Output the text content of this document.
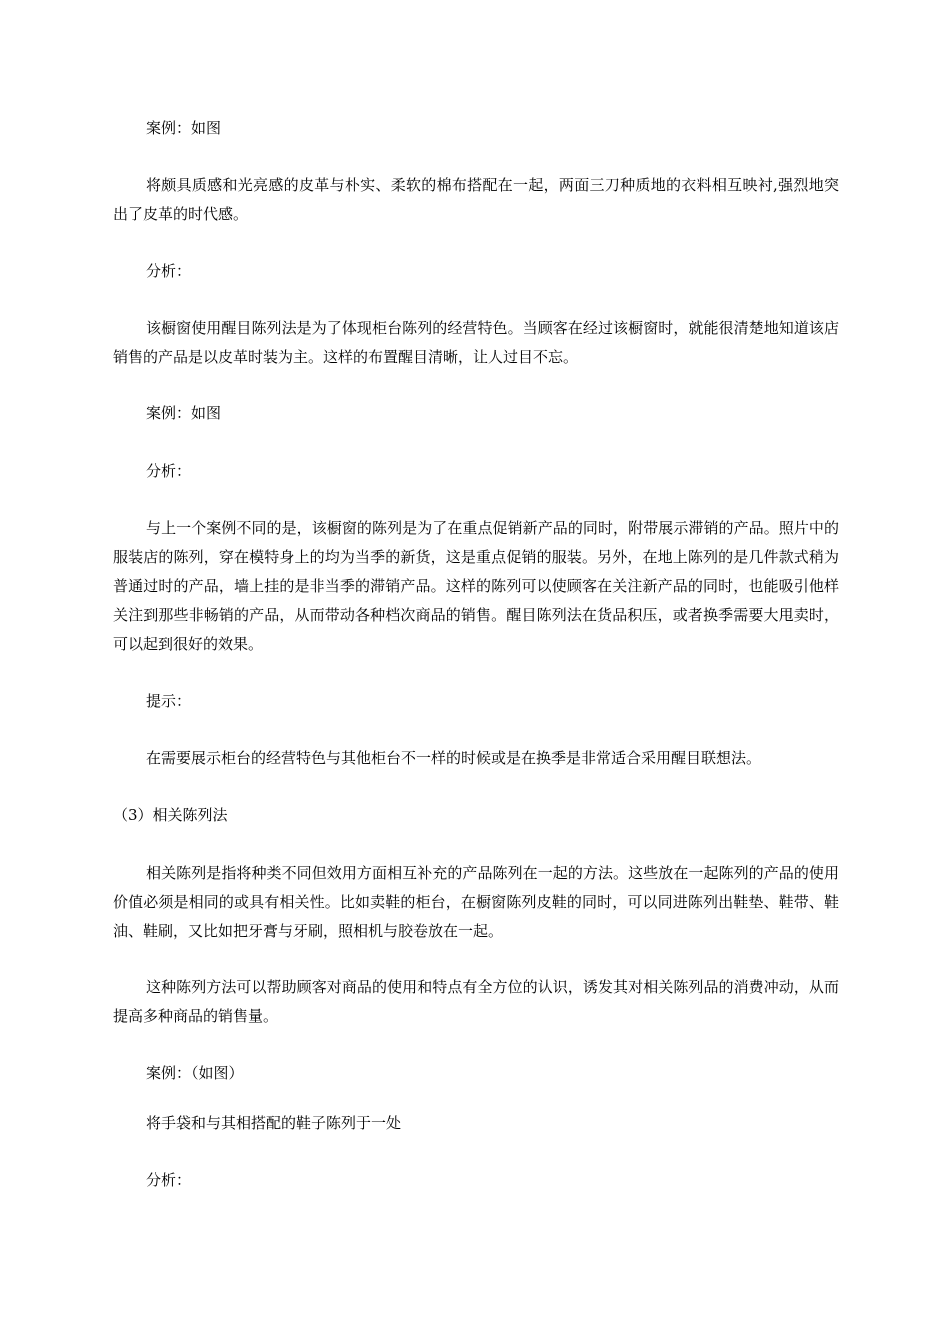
案例：如图

将颇具质感和光亮感的皮革与朴实、柔软的棉布搭配在一起，两面三刀种质地的衣料相互映衬,强烈地突出了皮革的时代感。

分析：

该橱窗使用醒目陈列法是为了体现柜台陈列的经营特色。当顾客在经过该橱窗时，就能很清楚地知道该店销售的产品是以皮革时装为主。这样的布置醒目清晰，让人过目不忘。

案例：如图

分析：

与上一个案例不同的是，该橱窗的陈列是为了在重点促销新产品的同时，附带展示滞销的产品。照片中的服装店的陈列，穿在模特身上的均为当季的新货，这是重点促销的服装。另外，在地上陈列的是几件款式稍为普通过时的产品，墙上挂的是非当季的滞销产品。这样的陈列可以使顾客在关注新产品的同时，也能吸引他样关注到那些非畅销的产品，从而带动各种档次商品的销售。醒目陈列法在货品积压，或者换季需要大甩卖时，可以起到很好的效果。

提示：

在需要展示柜台的经营特色与其他柜台不一样的时候或是在换季是非常适合采用醒目联想法。

（3）相关陈列法

相关陈列是指将种类不同但效用方面相互补充的产品陈列在一起的方法。这些放在一起陈列的产品的使用价值必须是相同的或具有相关性。比如卖鞋的柜台，在橱窗陈列皮鞋的同时，可以同进陈列出鞋垫、鞋带、鞋油、鞋刷，又比如把牙膏与牙刷，照相机与胶卷放在一起。

这种陈列方法可以帮助顾客对商品的使用和特点有全方位的认识，诱发其对相关陈列品的消费冲动，从而提高多种商品的销售量。

案例：（如图）

将手袋和与其相搭配的鞋子陈列于一处

分析：
